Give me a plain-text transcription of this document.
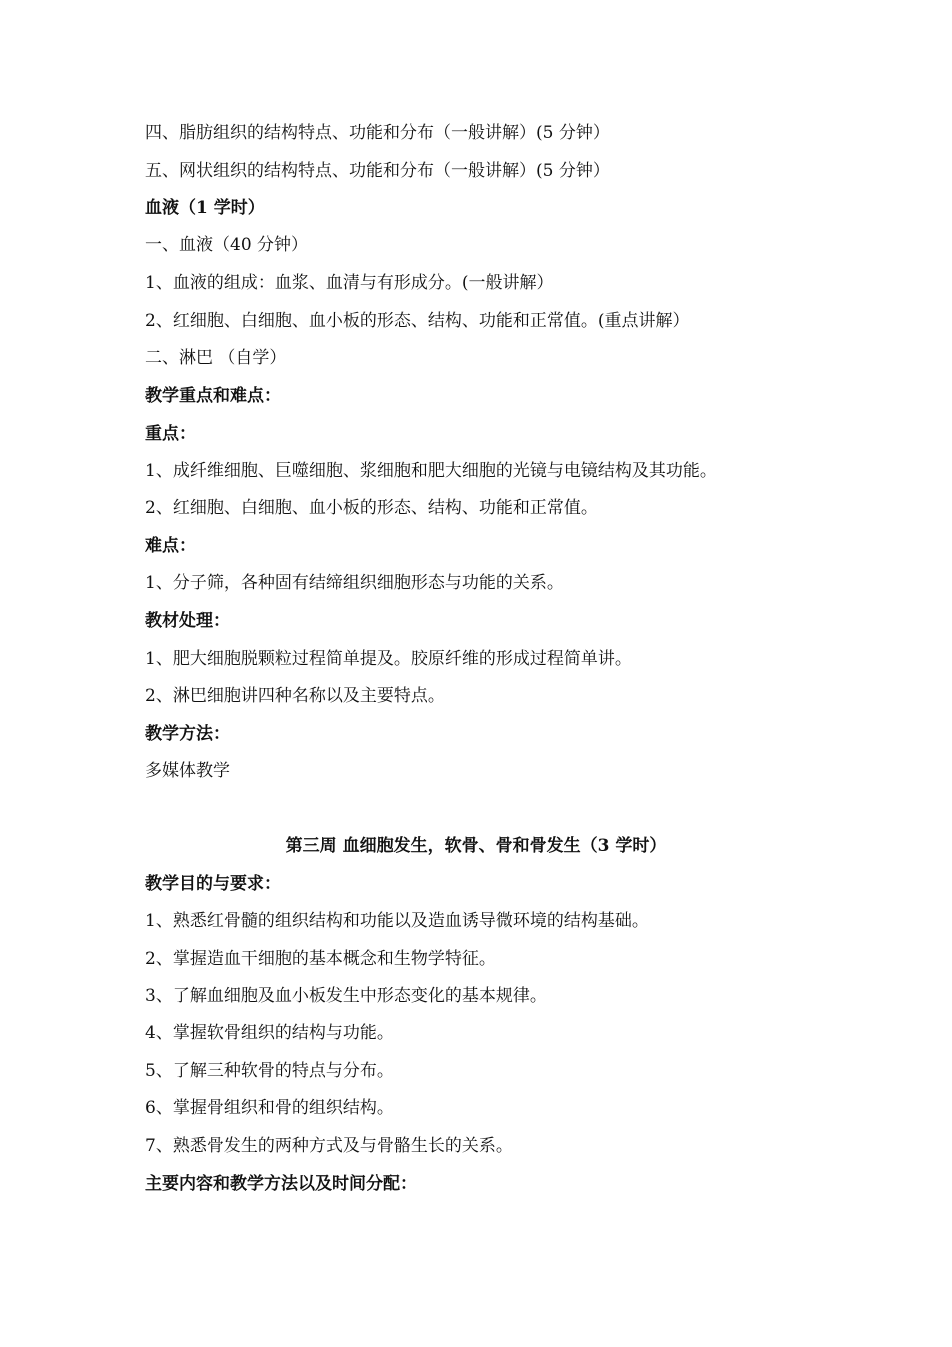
四、脂肪组织的结构特点、功能和分布（一般讲解）(5 分钟）
五、网状组织的结构特点、功能和分布（一般讲解）(5 分钟）
血液（1 学时）
一、血液（40 分钟）
1、血液的组成：血浆、血清与有形成分。(一般讲解）
2、红细胞、白细胞、血小板的形态、结构、功能和正常值。(重点讲解）
二、淋巴 （自学）
教学重点和难点：
重点：
1、成纤维细胞、巨噬细胞、浆细胞和肥大细胞的光镜与电镜结构及其功能。
2、红细胞、白细胞、血小板的形态、结构、功能和正常值。
难点：
1、分子筛，各种固有结缔组织细胞形态与功能的关系。
教材处理：
1、肥大细胞脱颗粒过程简单提及。胶原纤维的形成过程简单讲。
2、淋巴细胞讲四种名称以及主要特点。
教学方法：
多媒体教学
第三周 血细胞发生，软骨、骨和骨发生（3 学时）
教学目的与要求：
1、熟悉红骨髓的组织结构和功能以及造血诱导微环境的结构基础。
2、掌握造血干细胞的基本概念和生物学特征。
3、了解血细胞及血小板发生中形态变化的基本规律。
4、掌握软骨组织的结构与功能。
5、了解三种软骨的特点与分布。
6、掌握骨组织和骨的组织结构。
7、熟悉骨发生的两种方式及与骨骼生长的关系。
主要内容和教学方法以及时间分配：
